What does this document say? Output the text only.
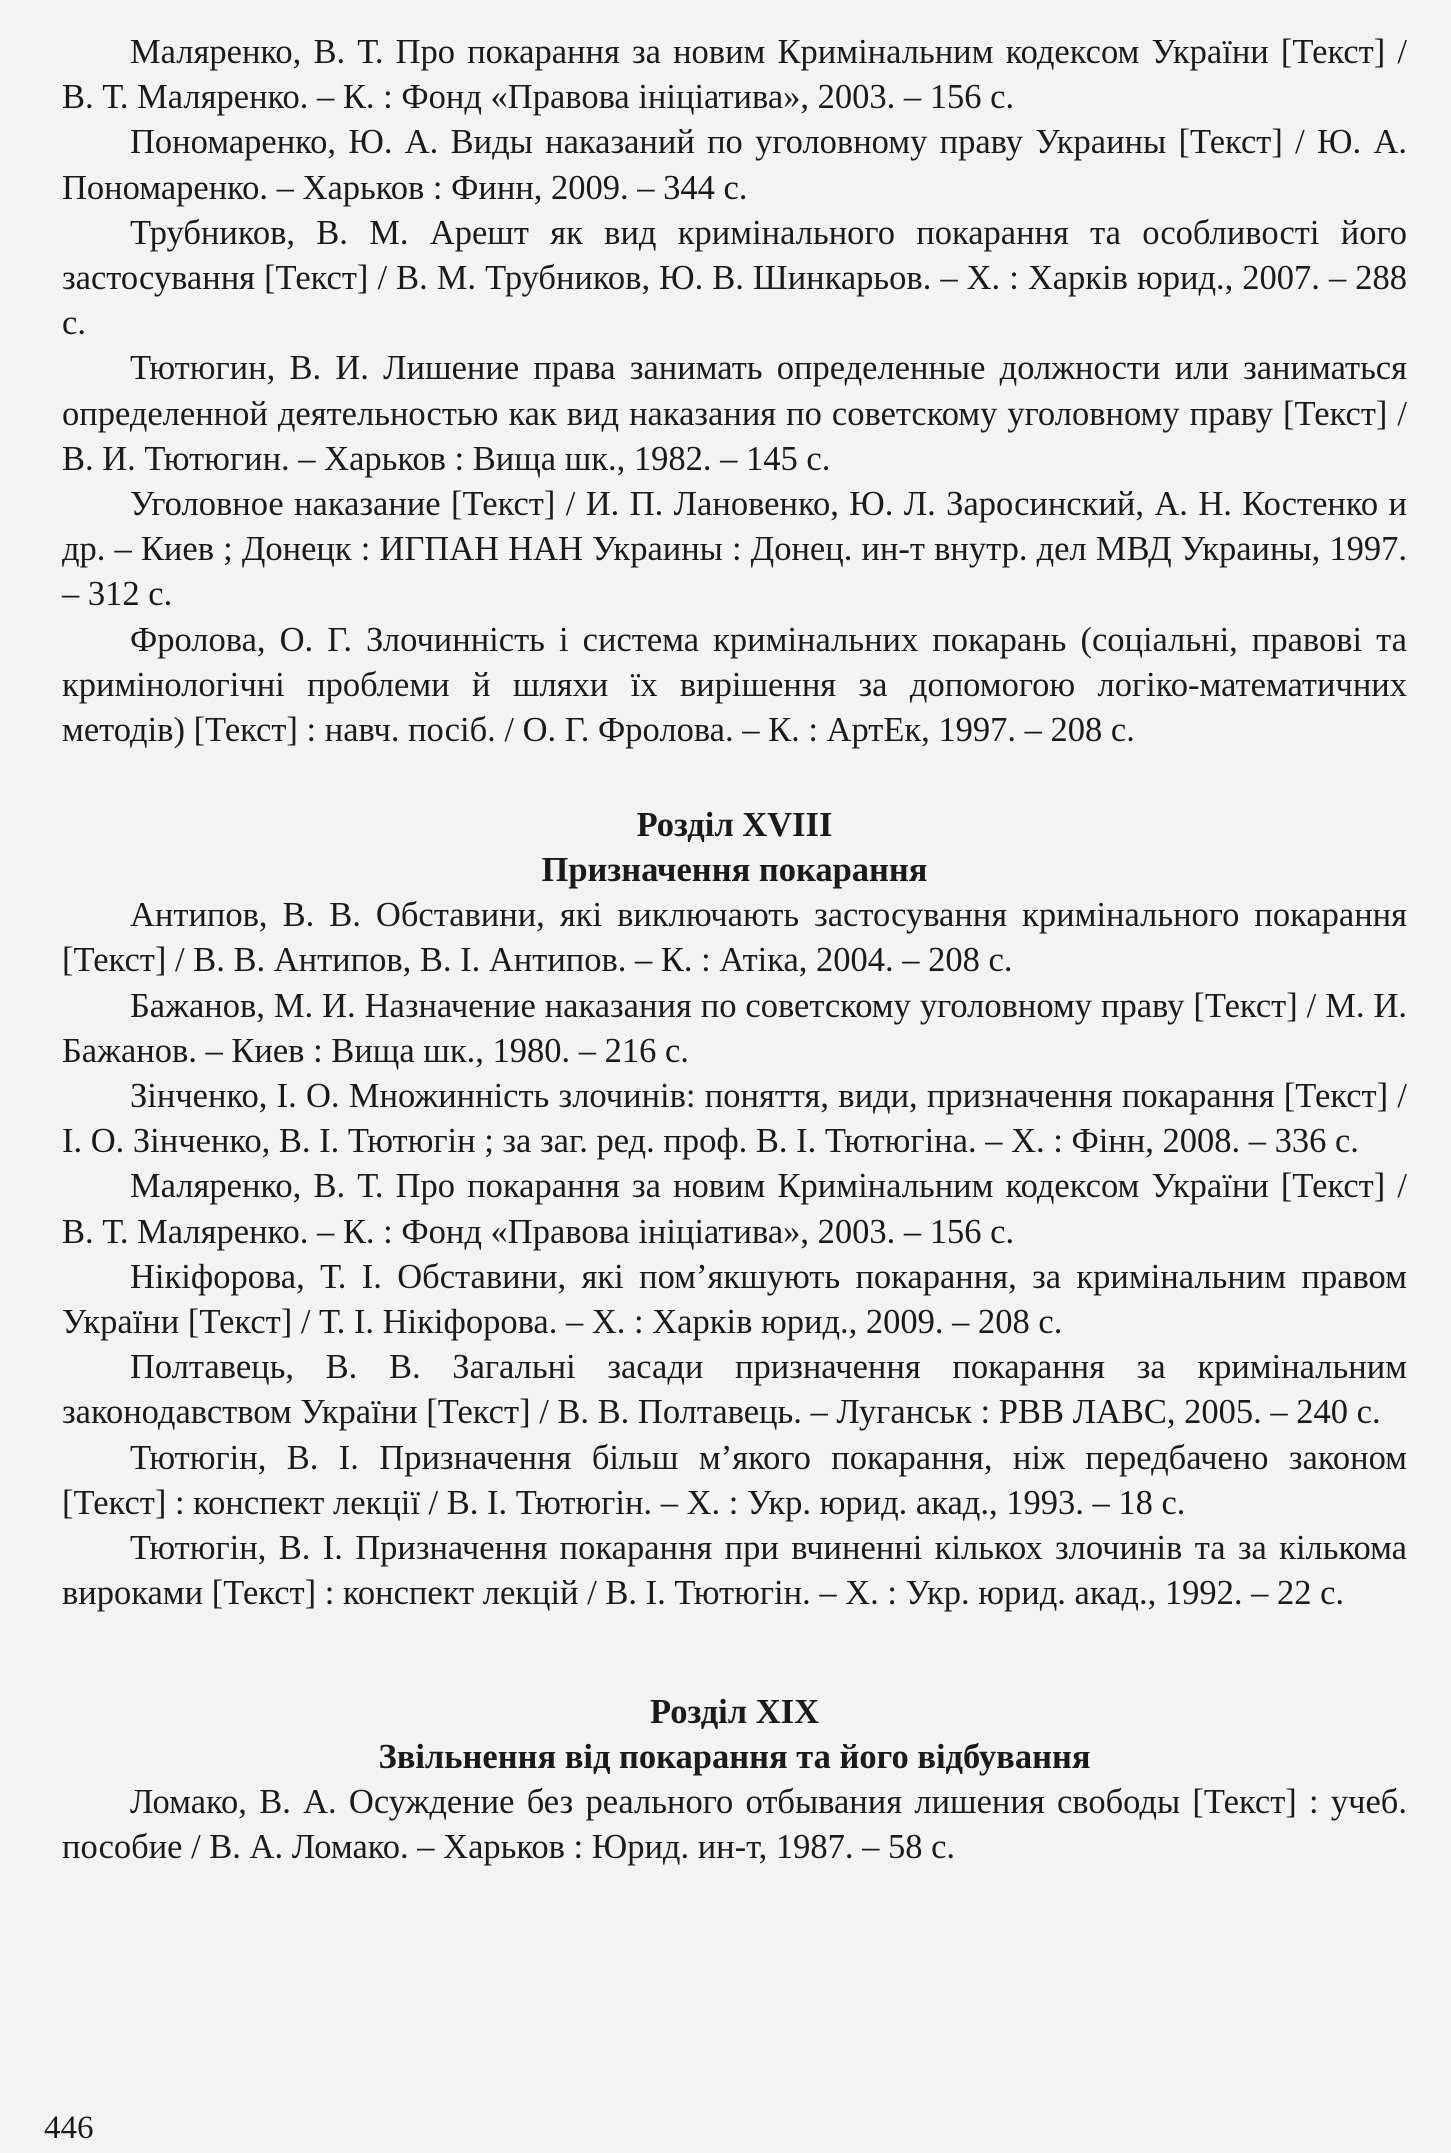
Маляренко, В. Т. Про покарання за новим Кримінальним кодексом України [Текст] / В. Т. Маляренко. – К. : Фонд «Правова ініціатива», 2003. – 156 с.

Пономаренко, Ю. А. Виды наказаний по уголовному праву Украины [Текст] / Ю. А. Пономаренко. – Харьков : Финн, 2009. – 344 с.

Трубников, В. М. Арешт як вид кримінального покарання та особливості його застосування [Текст] / В. М. Трубников, Ю. В. Шинкарьов. – Х. : Харків юрид., 2007. – 288 с.

Тютюгин, В. И. Лишение права занимать определенные должности или заниматься определенной деятельностью как вид наказания по советскому уголовному праву [Текст] / В. И. Тютюгин. – Харьков : Вища шк., 1982. – 145 с.

Уголовное наказание [Текст] / И. П. Лановенко, Ю. Л. Заросинский, А. Н. Костенко и др. – Киев ; Донецк : ИГПАН НАН Украины : Донец. ин-т внутр. дел МВД Украины, 1997. – 312 с.

Фролова, О. Г. Злочинність і система кримінальних покарань (соціальні, правові та кримінологічні проблеми й шляхи їх вирішення за допомогою логіко-математичних методів) [Текст] : навч. посіб. / О. Г. Фролова. – К. : АртЕк, 1997. – 208 с.

Розділ XVIII

Призначення покарання

Антипов, В. В. Обставини, які виключають застосування кримінального покарання [Текст] / В. В. Антипов, В. І. Антипов. – К. : Атіка, 2004. – 208 с.

Бажанов, М. И. Назначение наказания по советскому уголовному праву [Текст] / М. И. Бажанов. – Киев : Вища шк., 1980. – 216 с.

Зінченко, І. О. Множинність злочинів: поняття, види, призначення покарання [Текст] / І. О. Зінченко, В. І. Тютюгін ; за заг. ред. проф. В. І. Тютюгіна. – Х. : Фінн, 2008. – 336 с.

Маляренко, В. Т. Про покарання за новим Кримінальним кодексом України [Текст] / В. Т. Маляренко. – К. : Фонд «Правова ініціатива», 2003. – 156 с.

Нікіфорова, Т. І. Обставини, які пом’якшують покарання, за кримінальним правом України [Текст] / Т. І. Нікіфорова. – Х. : Харків юрид., 2009. – 208 с.

Полтавець, В. В. Загальні засади призначення покарання за кримінальним законодавством України [Текст] / В. В. Полтавець. – Луганськ : РВВ ЛАВС, 2005. – 240 с.

Тютюгін, В. І. Призначення більш м’якого покарання, ніж передбачено законом [Текст] : конспект лекції / В. І. Тютюгін. – Х. : Укр. юрид. акад., 1993. – 18 с.

Тютюгін, В. І. Призначення покарання при вчиненні кількох злочинів та за кількома вироками [Текст] : конспект лекцій / В. І. Тютюгін. – Х. : Укр. юрид. акад., 1992. – 22 с.

Розділ XIX

Звільнення від покарання та його відбування

Ломако, В. А. Осуждение без реального отбывания лишения свободы [Текст] : учеб. пособие / В. А. Ломако. – Харьков : Юрид. ин-т, 1987. – 58 с.

446
